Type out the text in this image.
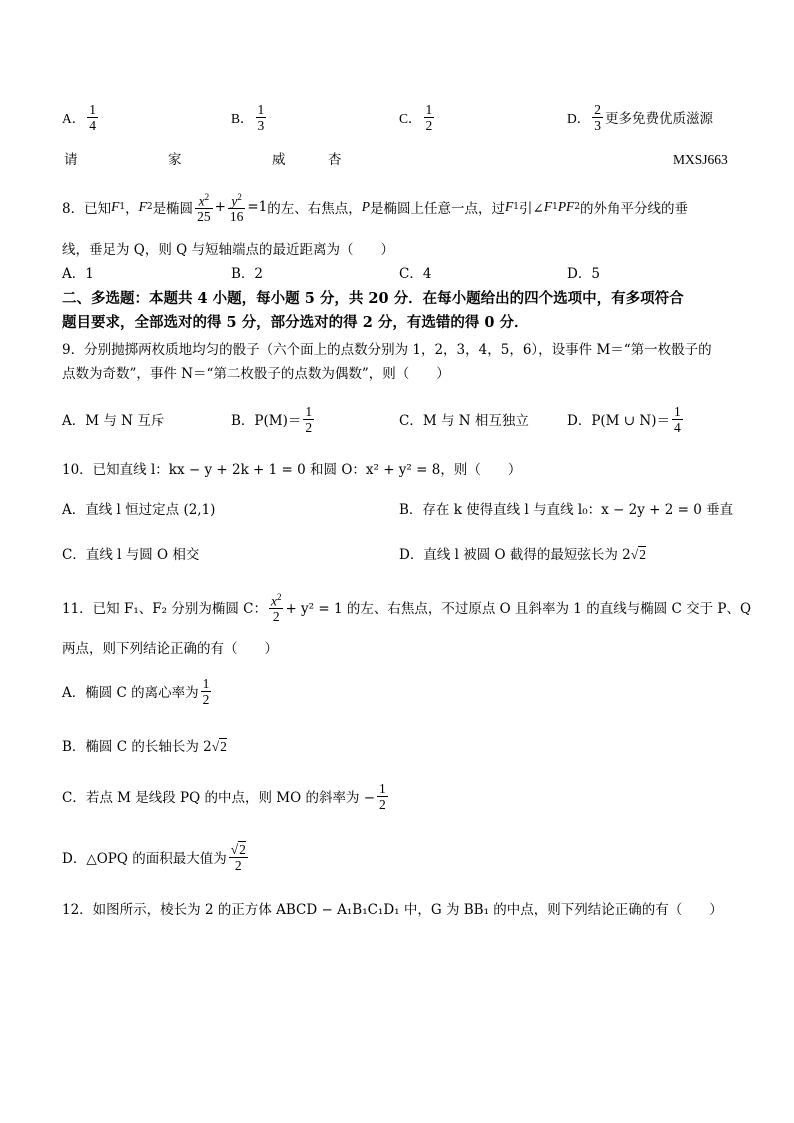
A． $\frac{1}{4}$	B． $\frac{1}{3}$	C． $\frac{1}{2}$	D． $\frac{2}{3}$ 更多免费优质滋源
请	家	威	杏	MXSJ663
8．已知 F 1 ， F 2 是椭圆 $\frac{x^2}{25} + \frac{y^2}{16} =1$ 的左、右焦点， P 是椭圆上任意一点，过 F 1 引∠ F 1 PF 2 的外角平分线的垂
线，垂足为 Q，则 Q 与短轴端点的最近距离为（　　）
A．1	B．2	C．4	D．5
二、多选题：本题共 4 小题，每小题 5 分，共 20 分．在每小题给出的四个选项中，有多项符合
题目要求，全部选对的得 5 分，部分选对的得 2 分，有选错的得 0 分．
9．分别抛掷两枚质地均匀的骰子（六个面上的点数分别为 1，2，3，4，5，6），设事件 M＝“第一枚骰子的
点数为奇数”，事件 N＝“第二枚骰子的点数为偶数”，则（　　）
A．M 与 N 互斥	B． $P(M)= \frac{1}{2}$	C．M 与 N 相互独立	D． P(M ∪ $N)= \frac{1}{4}$
10．已知直线 l：kx − y + 2k + 1 = 0 和圆 O：x² + y² = 8，则（　　）
A．直线 l 恒过定点 (2,1)	B．存在 k 使得直线 l 与直线 l₀：x − 2y + 2 = 0 垂直
C．直线 l 与圆 O 相交	D．直线 l 被圆 O 截得的最短弦长为 2√2
11．已知 F₁、F₂ 分别为椭圆 C： $\frac{x^2}{2} + y^2 = 1$ 的左、右焦点，不过原点 O 且斜率为 1 的直线与椭圆 C 交于 P、Q
两点，则下列结论正确的有（　　）
A．椭圆 C 的离心率为 $\frac{1}{2}$
B．椭圆 C 的长轴长为 2√2
C．若点 M 是线段 PQ 的中点，则 MO 的斜率为 − $\frac{1}{2}$
D．△OPQ 的面积最大值为 $\frac{√2}{2}$
12．如图所示，棱长为 2 的正方体 ABCD − A₁B₁C₁D₁ 中，G 为 BB₁ 的中点，则下列结论正确的有（　　）
